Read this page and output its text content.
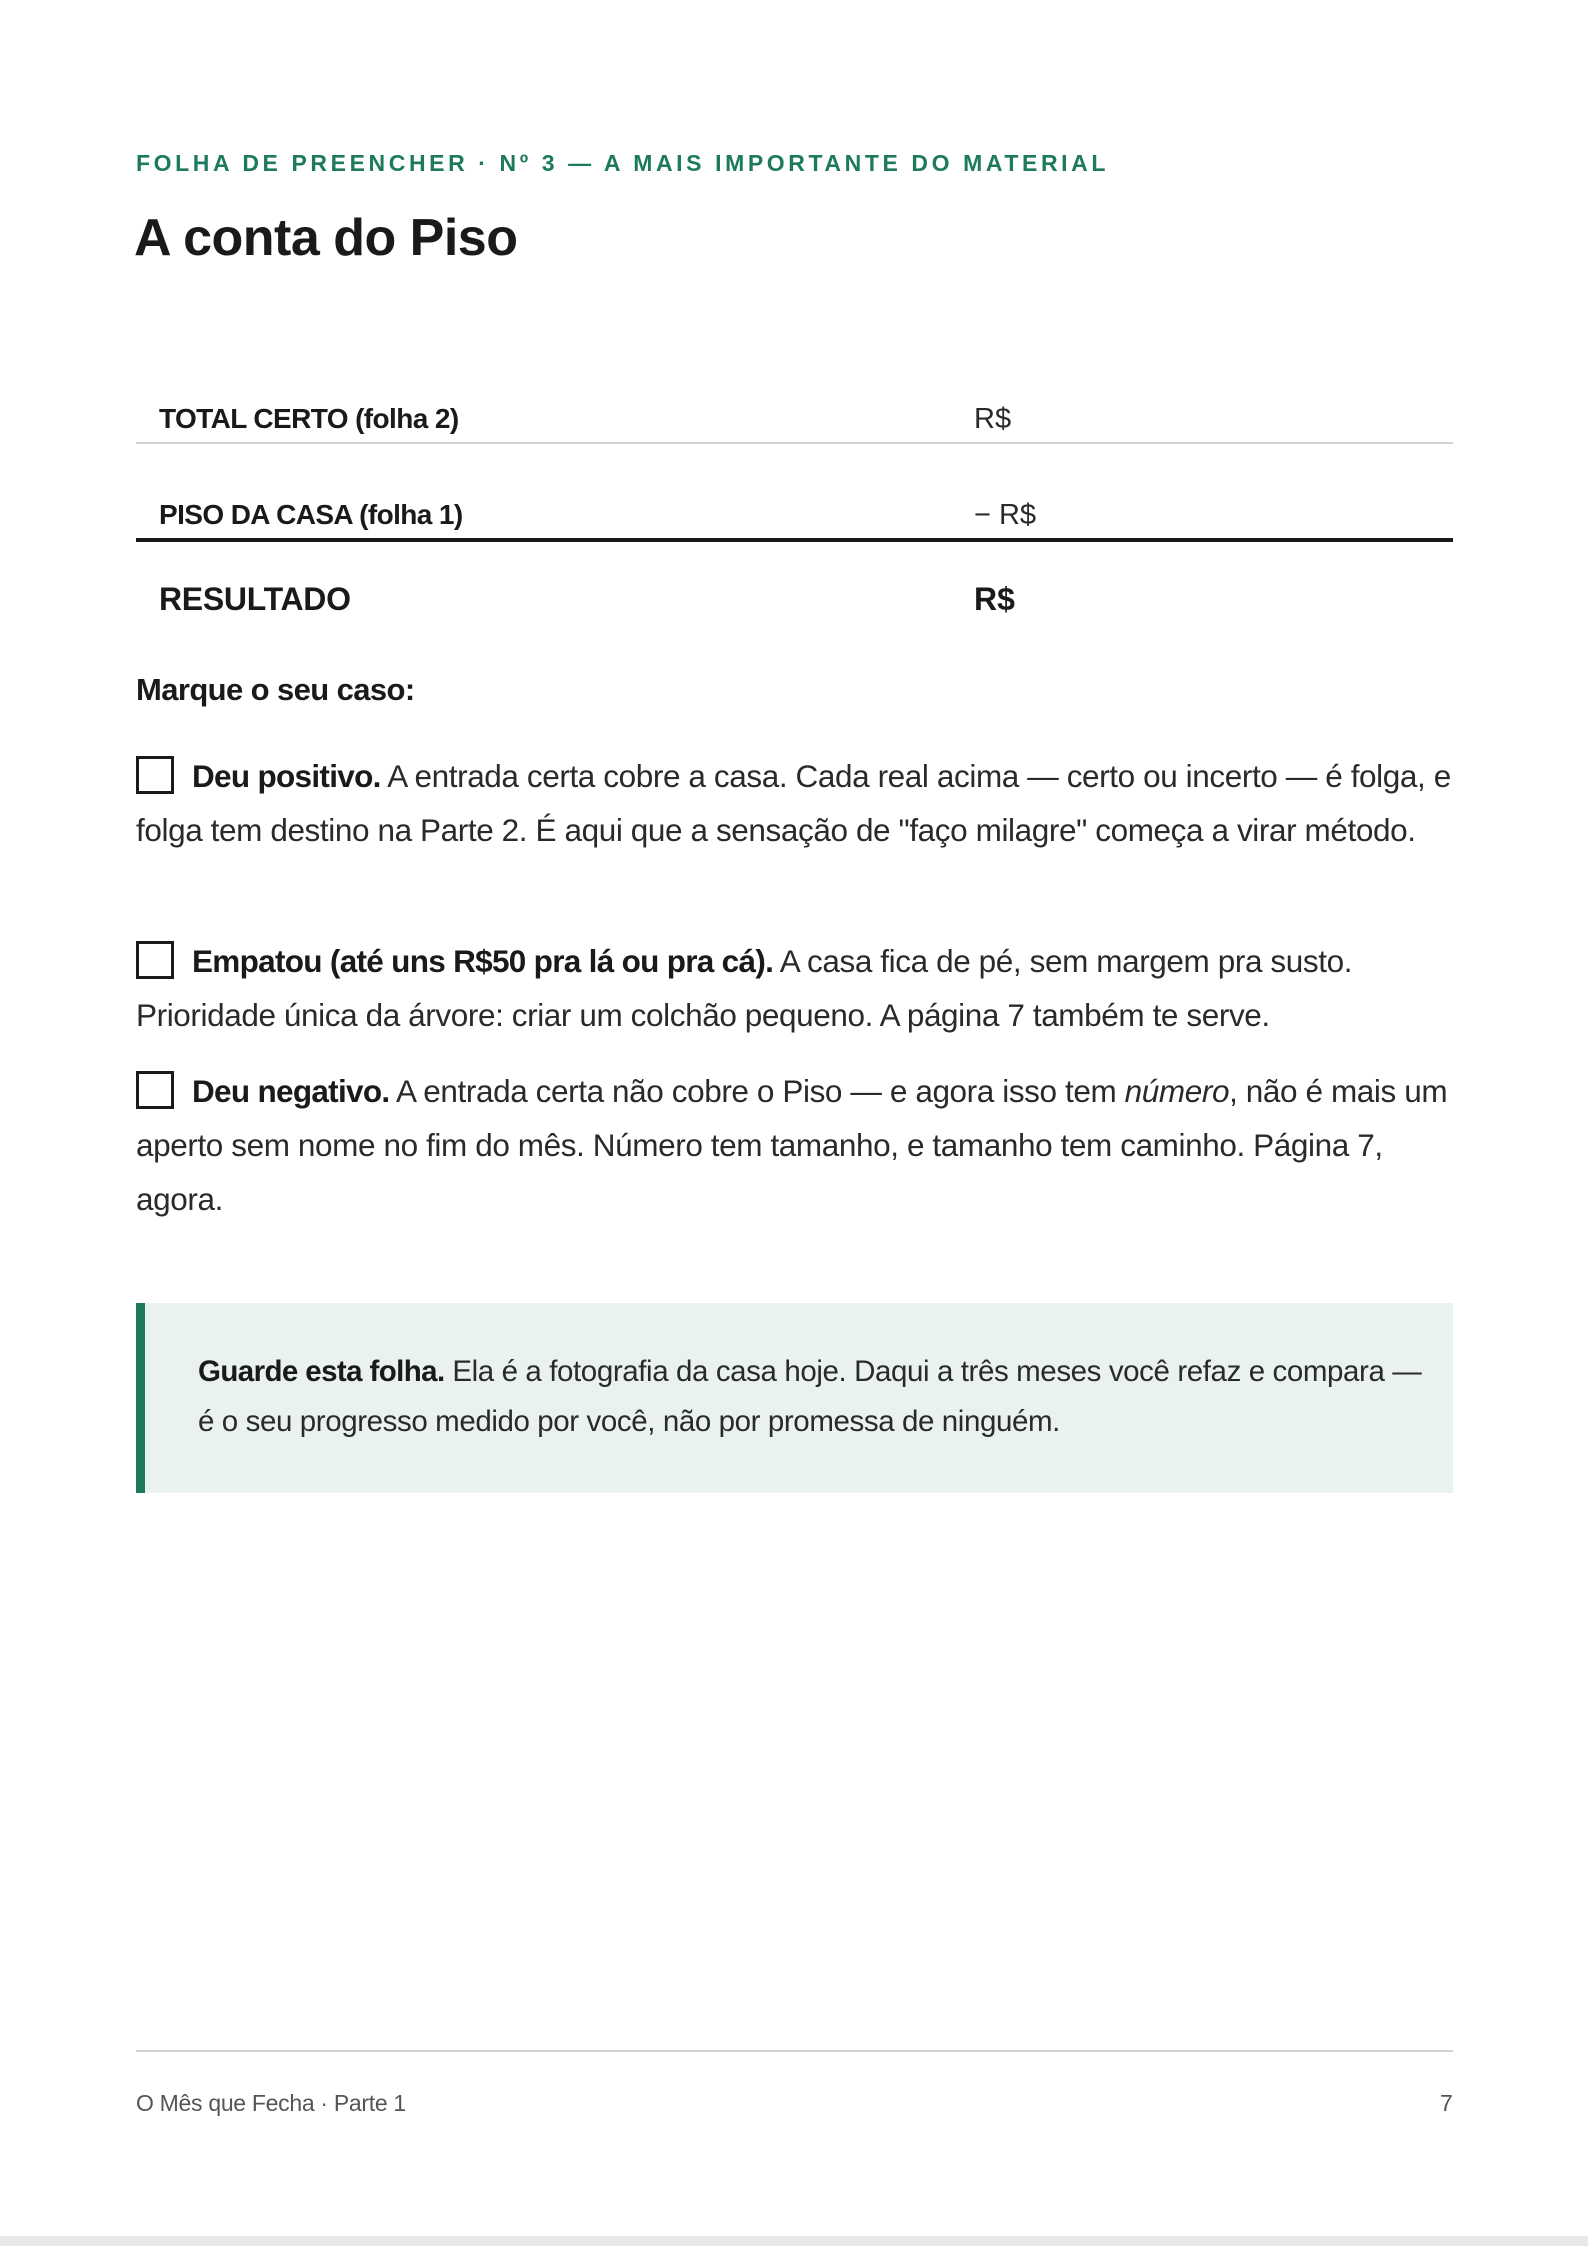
FOLHA DE PREENCHER · Nº 3 — A MAIS IMPORTANTE DO MATERIAL
A conta do Piso
TOTAL CERTO (folha 2)	R$
PISO DA CASA (folha 1)	− R$
RESULTADO	R$
Marque o seu caso:

Deu positivo. A entrada certa cobre a casa. Cada real acima — certo ou incerto — é folga, e folga tem destino na Parte 2. É aqui que a sensação de "faço milagre" começa a virar método.

Empatou (até uns R$50 pra lá ou pra cá). A casa fica de pé, sem margem pra susto. Prioridade única da árvore: criar um colchão pequeno. A página 7 também te serve.

Deu negativo. A entrada certa não cobre o Piso — e agora isso tem número, não é mais um aperto sem nome no fim do mês. Número tem tamanho, e tamanho tem caminho. Página 7, agora.

Guarde esta folha. Ela é a fotografia da casa hoje. Daqui a três meses você refaz e compara — é o seu progresso medido por você, não por promessa de ninguém.

O Mês que Fecha · Parte 1	7
